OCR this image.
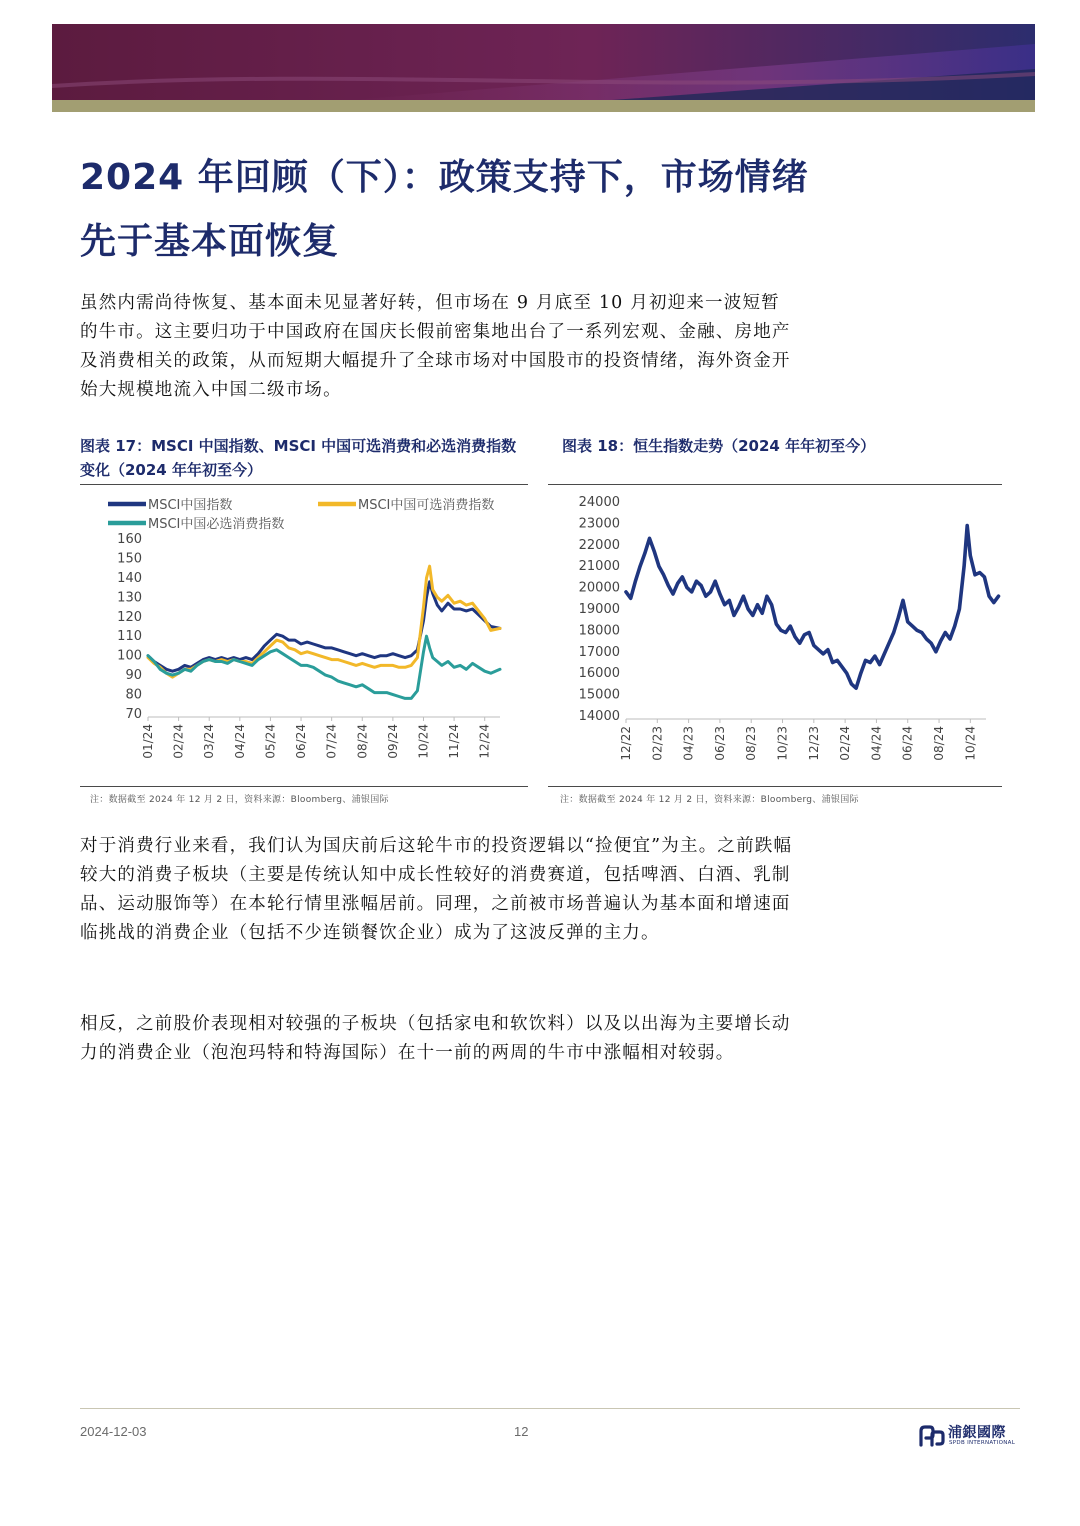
2024 年回顾（下）：政策支持下，市场情绪先于基本面恢复

虽然内需尚待恢复、基本面未见显著好转，但市场在 9 月底至 10 月初迎来一波短暂的牛市。这主要归功于中国政府在国庆长假前密集地出台了一系列宏观、金融、房地产及消费相关的政策，从而短期大幅提升了全球市场对中国股市的投资情绪，海外资金开始大规模地流入中国二级市场。

图表 17：MSCI 中国指数、MSCI 中国可选消费和必选消费指数变化（2024 年年初至今）

70
80
90
100
110
120
130
140
150
160
01/24 02/24 03/24 04/24 05/24 06/24 07/24 08/24 09/24 10/24 11/24 12/24
MSCI中国指数	MSCI中国可选消费指数
MSCI中国必选消费指数

注：数据截至 2024 年 12 月 2 日，资料来源：Bloomberg、浦银国际

图表 18：恒生指数走势（2024 年年初至今）

14000
15000
16000
17000
18000
19000
20000
21000
22000
23000
24000
12/22 02/23 04/23 06/23 08/23 10/23 12/23 02/24 04/24 06/24 08/24 10/24

注：数据截至 2024 年 12 月 2 日，资料来源：Bloomberg、浦银国际

对于消费行业来看，我们认为国庆前后这轮牛市的投资逻辑以“捡便宜”为主。之前跌幅较大的消费子板块（主要是传统认知中成长性较好的消费赛道，包括啤酒、白酒、乳制品、运动服饰等）在本轮行情里涨幅居前。同理，之前被市场普遍认为基本面和增速面临挑战的消费企业（包括不少连锁餐饮企业）成为了这波反弹的主力。

相反，之前股价表现相对较强的子板块（包括家电和软饮料）以及以出海为主要增长动力的消费企业（泡泡玛特和特海国际）在十一前的两周的牛市中涨幅相对较弱。

2024-12-03	12	浦銀國際
SPDB INTERNATIONAL
